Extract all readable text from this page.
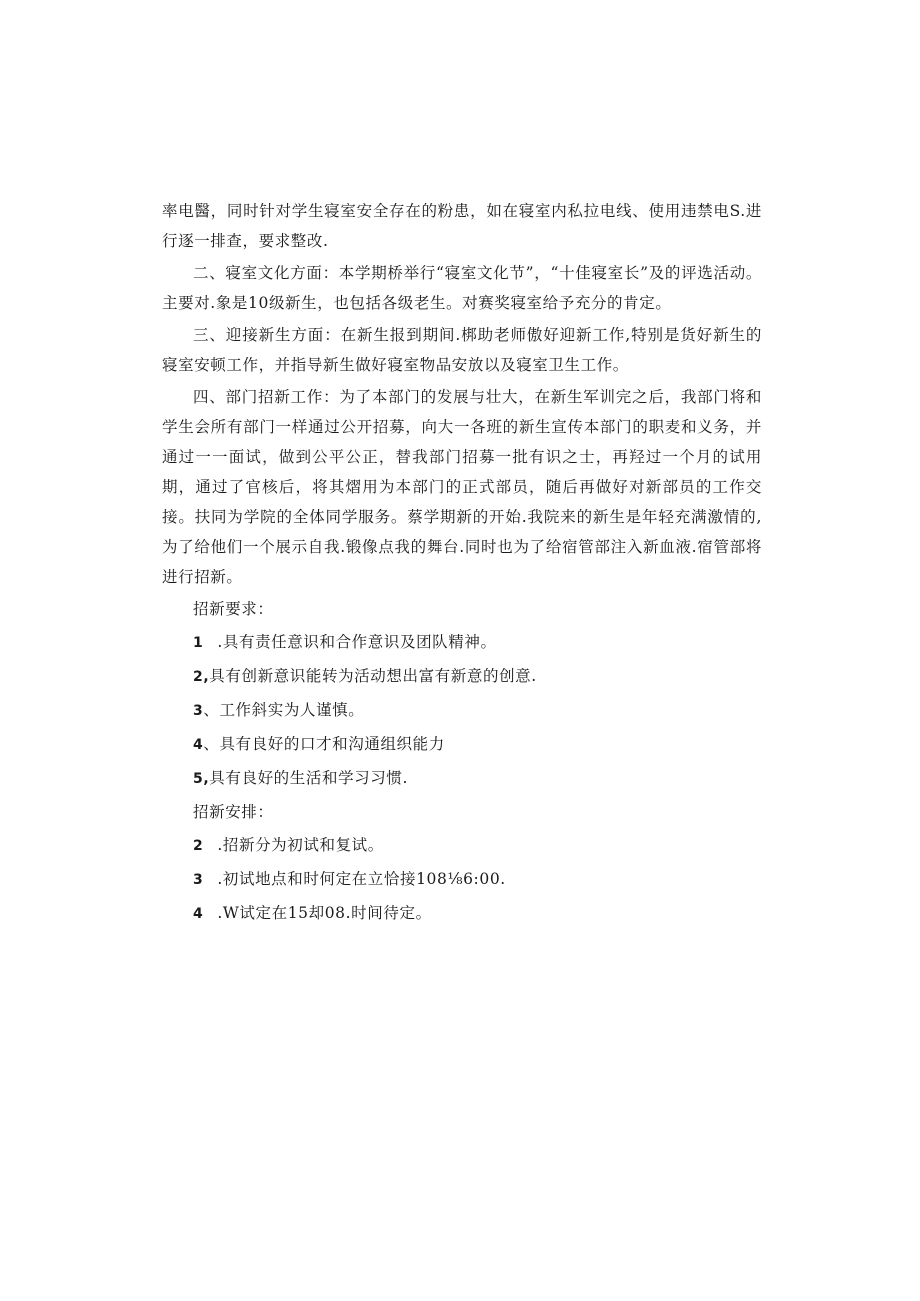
率电醫，同时针对学生寝室安全存在的粉患，如在寝室内私拉电线、使用违禁电S.进行逐一排查，要求整改.

二、寝室文化方面：本学期桥举行“寝室文化节”，“十佳寝室长”及的评选活动。主要对.象是10级新生，也包括各级老生。对赛奖寝室给予充分的肯定。

三、迎接新生方面：在新生报到期间.梆助老师傲好迎新工作,特别是货好新生的寝室安顿工作，并指导新生做好寝室物品安放以及寝室卫生工作。

四、部门招新工作：为了本部门的发展与壮大，在新生军训完之后，我部门将和学生会所有部门一样通过公开招募，向大一各班的新生宣传本部门的职麦和义务，并通过一一面试，做到公平公正，替我部门招募一批有识之士，再羟过一个月的试用期，通过了官核后，将其熠用为本部门的正式部员，随后再做好对新部员的工作交接。扶同为学院的全体同学服务。蔡学期新的开始.我院来的新生是年轻充满激情的,为了给他们一个展示自我.锻像点我的舞台.同时也为了给宿管部注入新血液.宿管部将进行招新。

招新要求：
1 .具有责任意识和合作意识及团队精神。
2,具有创新意识能转为活动想出富有新意的创意.
3、工作斜实为人谨慎。
4、具有良好的口才和沟通组织能力
5,具有良好的生活和学习习惯.
招新安排：
2 .招新分为初试和复试。
3 .初试地点和时何定在立恰接108⅛6:00.
4 .W试定在15却08.时间待定。
